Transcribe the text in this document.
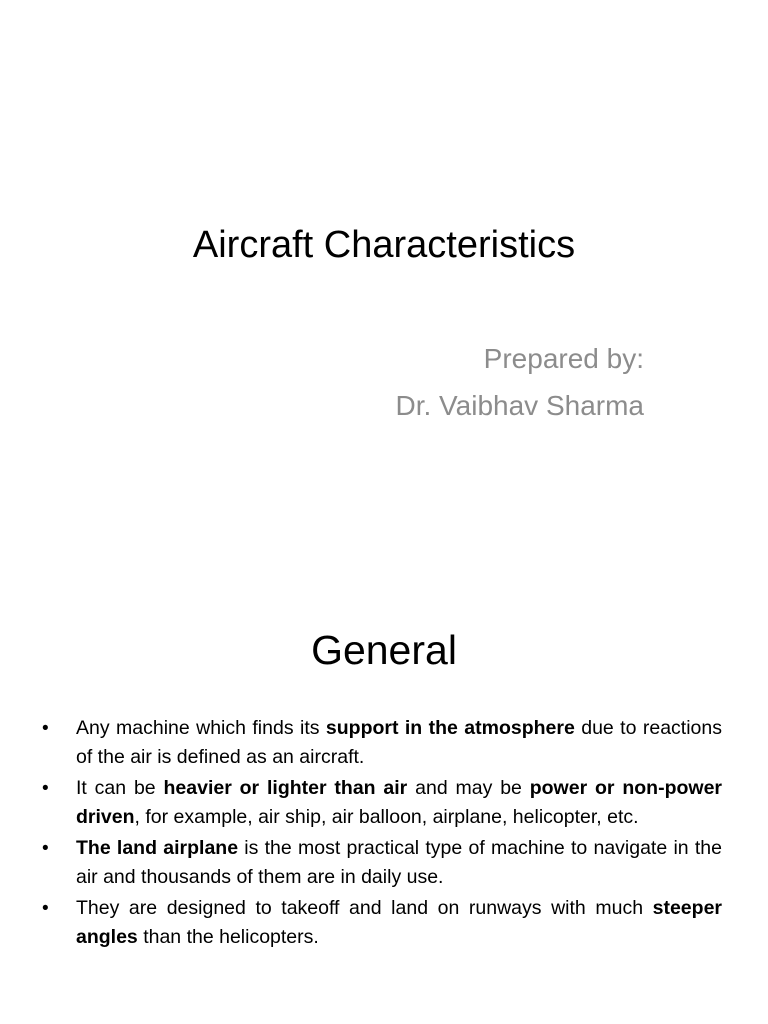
Aircraft Characteristics
Prepared by:
Dr. Vaibhav Sharma
General
• Any machine which finds its support in the atmosphere due to reactions of the air is defined as an aircraft.
• It can be heavier or lighter than air and may be power or non-power driven, for example, air ship, air balloon, airplane, helicopter, etc.
• The land airplane is the most practical type of machine to navigate in the air and thousands of them are in daily use.
• They are designed to takeoff and land on runways with much steeper angles than the helicopters.
